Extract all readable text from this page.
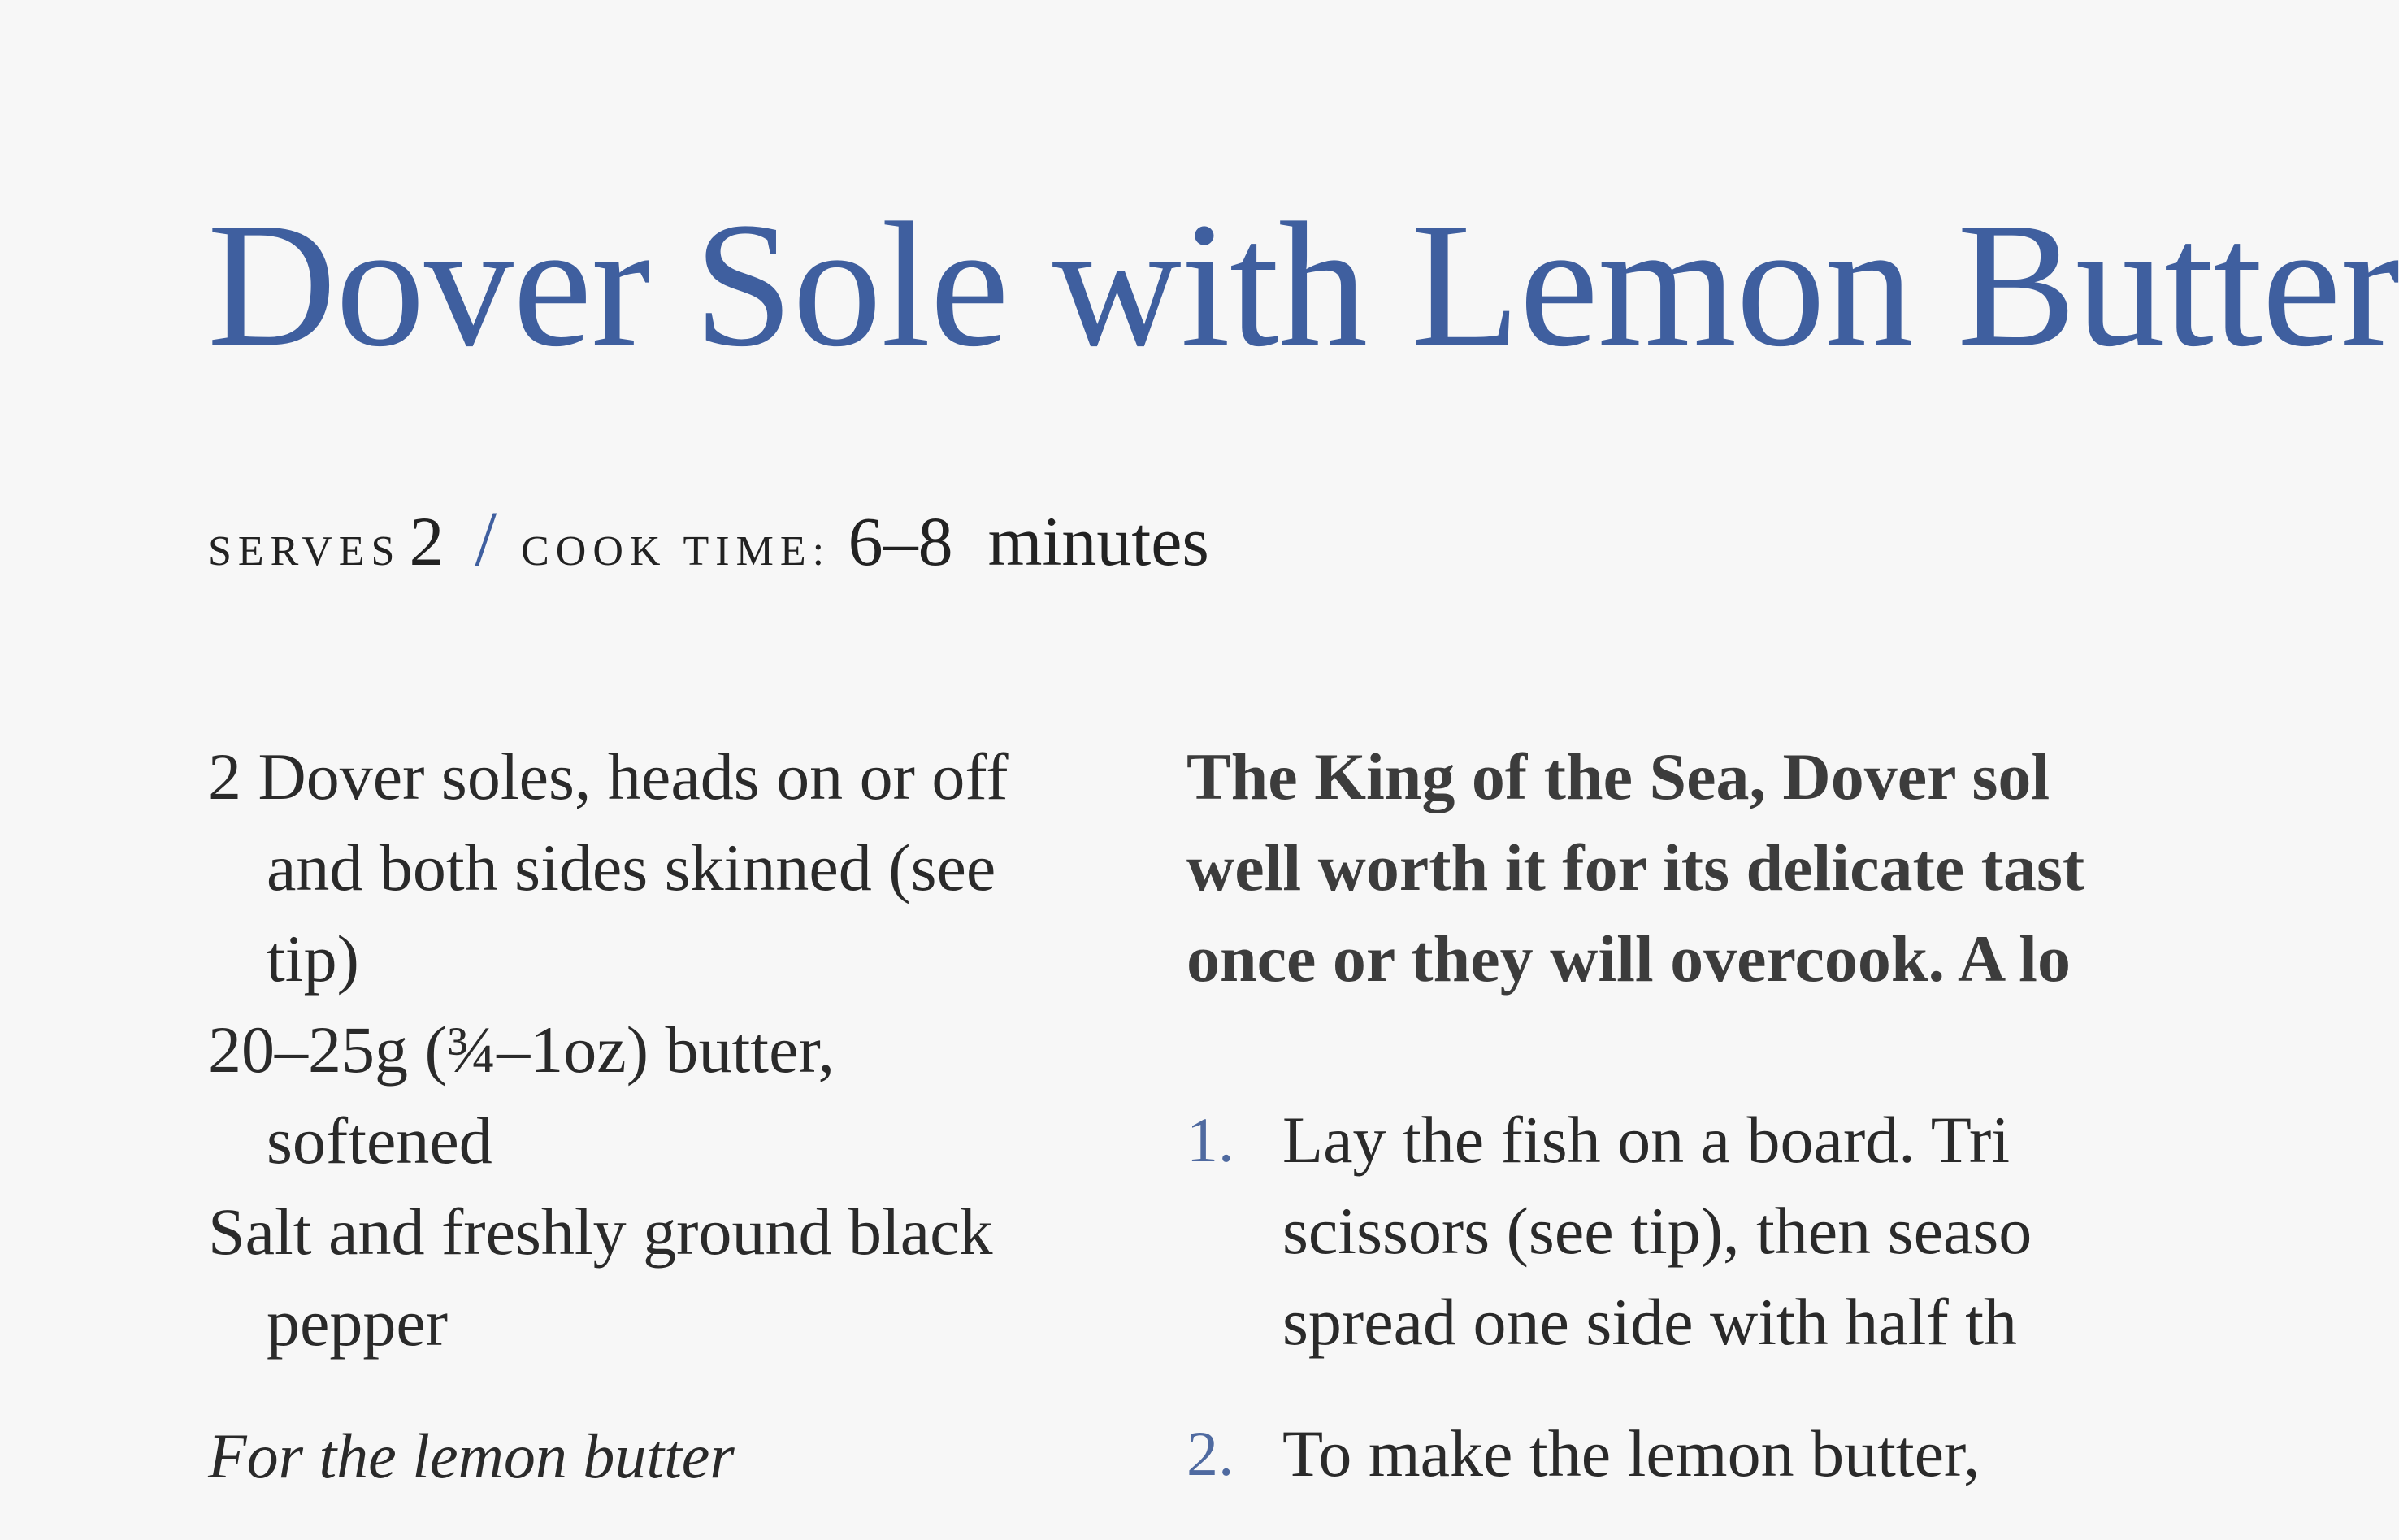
Dover Sole with Lemon Butter
SERVES 2 / COOK TIME: 6–8  minutes

2 Dover soles, heads on or off and both sides skinned (see tip)

20–25g (¾–1oz) butter, softened

Salt and freshly ground black pepper

For the lemon butter

The King of the Sea, Dover sol
well worth it for its delicate tast
once or they will overcook. A lo

1. Lay the fish on a board. Tri
scissors (see tip), then seaso
spread one side with half th
2. To make the lemon butter,
